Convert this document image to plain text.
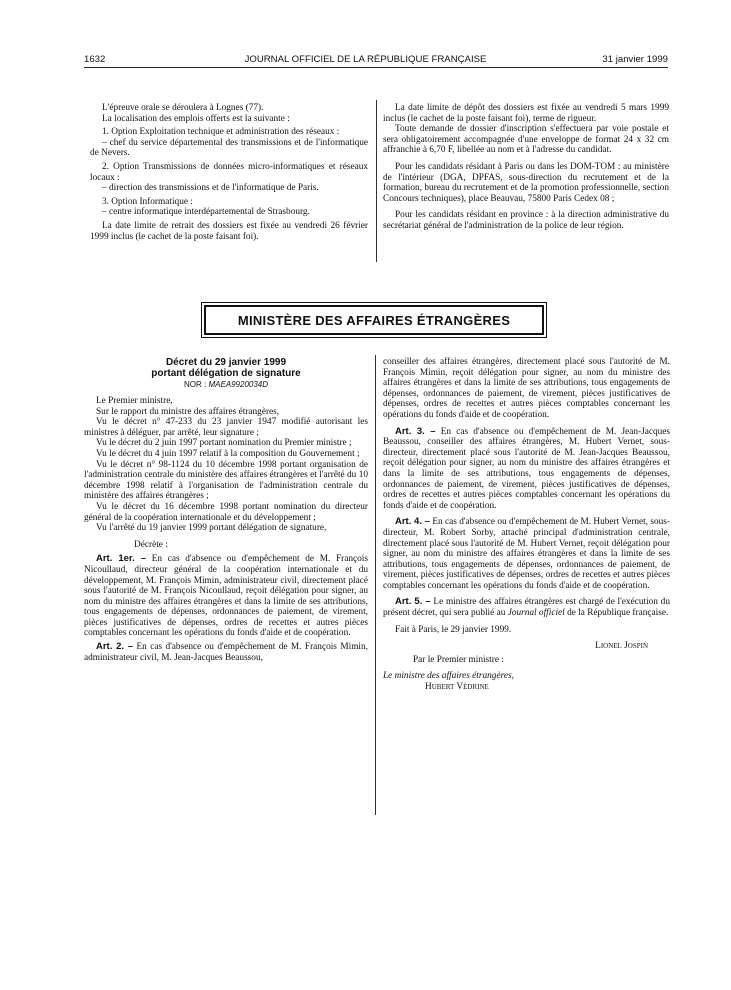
1632	JOURNAL OFFICIEL DE LA RÉPUBLIQUE FRANÇAISE	31 janvier 1999

L'épreuve orale se déroulera à Lognes (77).

La localisation des emplois offerts est la suivante :

1. Option Exploitation technique et administration des réseaux :

– chef du service départemental des transmissions et de l'informatique de Nevers.

2. Option Transmissions de données micro-informatiques et réseaux locaux :

– direction des transmissions et de l'informatique de Paris.

3. Option Informatique :

– centre informatique interdépartemental de Strasbourg.

La date limite de retrait des dossiers est fixée au vendredi 26 février 1999 inclus (le cachet de la poste faisant foi).

La date limite de dépôt des dossiers est fixée au vendredi 5 mars 1999 inclus (le cachet de la poste faisant foi), terme de rigueur.

Toute demande de dossier d'inscription s'effectuera par voie postale et sera obligatoirement accompagnée d'une enveloppe de format 24 x 32 cm affranchie à 6,70 F, libellée au nom et à l'adresse du candidat.

Pour les candidats résidant à Paris ou dans les DOM-TOM : au ministère de l'intérieur (DGA, DPFAS, sous-direction du recrutement et de la formation, bureau du recrutement et de la promotion professionnelle, section Concours techniques), place Beauvau, 75800 Paris Cedex 08 ;

Pour les candidats résidant en province : à la direction administrative du secrétariat général de l'administration de la police de leur région.

MINISTÈRE DES AFFAIRES ÉTRANGÈRES
Décret du 29 janvier 1999
portant délégation de signature
NOR : MAEA9920034D

Le Premier ministre,

Sur le rapport du ministre des affaires étrangères,

Vu le décret n° 47-233 du 23 janvier 1947 modifié autorisant les ministres à déléguer, par arrêté, leur signature ;

Vu le décret du 2 juin 1997 portant nomination du Premier ministre ;

Vu le décret du 4 juin 1997 relatif à la composition du Gouvernement ;

Vu le décret n° 98-1124 du 10 décembre 1998 portant organisation de l'administration centrale du ministère des affaires étrangères et l'arrêté du 10 décembre 1998 relatif à l'organisation de l'administration centrale du ministère des affaires étrangères ;

Vu le décret du 16 décembre 1998 portant nomination du directeur général de la coopération internationale et du développement ;

Vu l'arrêté du 19 janvier 1999 portant délégation de signature,

Décrète :

Art. 1er. – En cas d'absence ou d'empêchement de M. François Nicoullaud, directeur général de la coopération internationale et du développement, M. François Mimin, administrateur civil, directement placé sous l'autorité de M. François Nicoullaud, reçoit délégation pour signer, au nom du ministre des affaires étrangères et dans la limite de ses attributions, tous engagements de dépenses, ordonnances de paiement, de virement, pièces justificatives de dépenses, ordres de recettes et autres pièces comptables concernant les opérations du fonds d'aide et de coopération.

Art. 2. – En cas d'absence ou d'empêchement de M. François Mimin, administrateur civil, M. Jean-Jacques Beaussou,

conseiller des affaires étrangères, directement placé sous l'autorité de M. François Mimin, reçoit délégation pour signer, au nom du ministre des affaires étrangères et dans la limite de ses attributions, tous engagements de dépenses, ordonnances de paiement, de virement, pièces justificatives de dépenses, ordres de recettes et autres pièces comptables concernant les opérations du fonds d'aide et de coopération.

Art. 3. – En cas d'absence ou d'empêchement de M. Jean-Jacques Beaussou, conseiller des affaires étrangères, M. Hubert Vernet, sous-directeur, directement placé sous l'autorité de M. Jean-Jacques Beaussou, reçoit délégation pour signer, au nom du ministre des affaires étrangères et dans la limite de ses attributions, tous engagements de dépenses, ordonnances de paiement, de virement, pièces justificatives de dépenses, ordres de recettes et autres pièces comptables concernant les opérations du fonds d'aide et de coopération.

Art. 4. – En cas d'absence ou d'empêchement de M. Hubert Vernet, sous-directeur, M. Robert Sorby, attaché principal d'administration centrale, directement placé sous l'autorité de M. Hubert Vernet, reçoit délégation pour signer, au nom du ministre des affaires étrangères et dans la limite de ses attributions, tous engagements de dépenses, ordonnances de paiement, de virement, pièces justificatives de dépenses, ordres de recettes et autres pièces comptables concernant les opérations du fonds d'aide et de coopération.

Art. 5. – Le ministre des affaires étrangères est chargé de l'exécution du présent décret, qui sera publié au Journal officiel de la République française.

Fait à Paris, le 29 janvier 1999.

Lionel Jospin

Par le Premier ministre :

Le ministre des affaires étrangères,

Hubert Védrine
